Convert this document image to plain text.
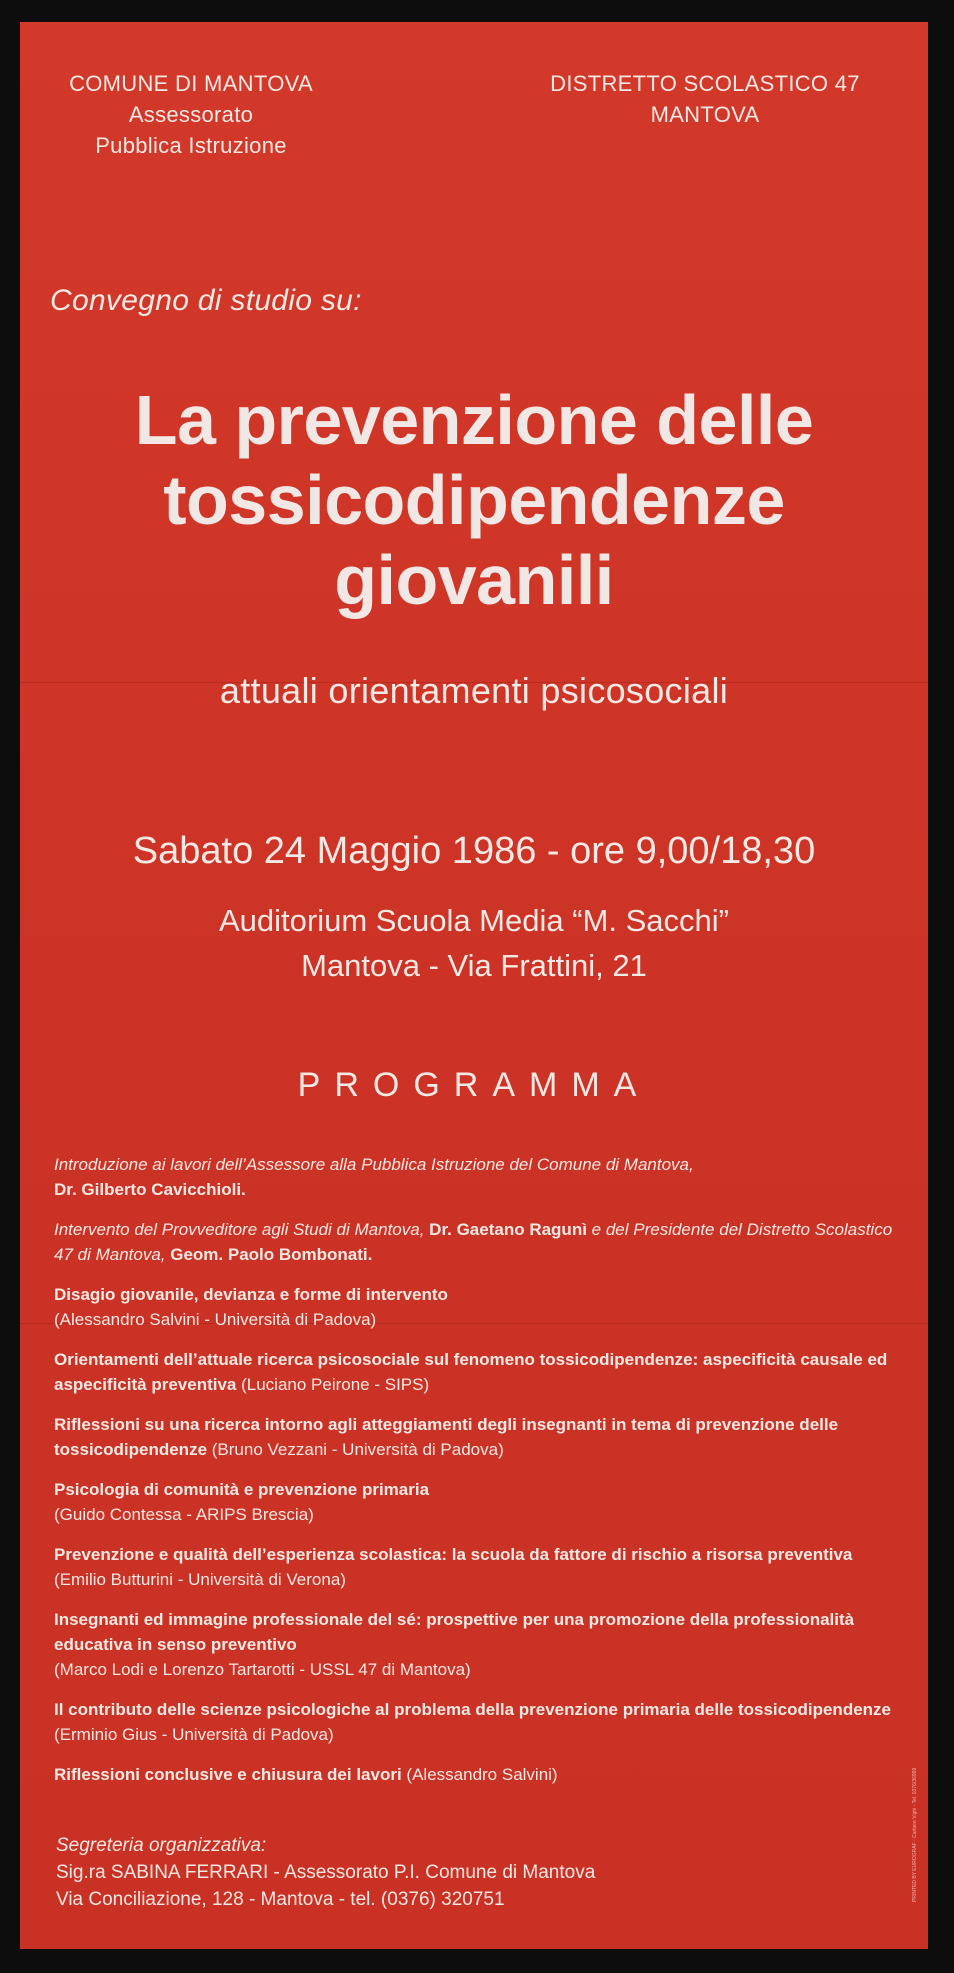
COMUNE DI MANTOVA
Assessorato
Pubblica Istruzione
DISTRETTO SCOLASTICO 47
MANTOVA
Convegno di studio su:
La prevenzione delle
tossicodipendenze
giovanili
attuali orientamenti psicosociali
Sabato 24 Maggio 1986 - ore 9,00/18,30
Auditorium Scuola Media “M. Sacchi”
Mantova - Via Frattini, 21
PROGRAMMA
Introduzione ai lavori dell’Assessore alla Pubblica Istruzione del Comune di Mantova,
Dr. Gilberto Cavicchioli.
Intervento del Provveditore agli Studi di Mantova, Dr. Gaetano Ragunì e del Presidente del Distretto Scolastico 47 di Mantova, Geom. Paolo Bombonati.
Disagio giovanile, devianza e forme di intervento
(Alessandro Salvini - Università di Padova)
Orientamenti dell’attuale ricerca psicosociale sul fenomeno tossicodipendenze: aspecificità causale ed aspecificità preventiva (Luciano Peirone - SIPS)
Riflessioni su una ricerca intorno agli atteggiamenti degli insegnanti in tema di prevenzione delle tossicodipendenze (Bruno Vezzani - Università di Padova)
Psicologia di comunità e prevenzione primaria
(Guido Contessa - ARIPS Brescia)
Prevenzione e qualità dell’esperienza scolastica: la scuola da fattore di rischio a risorsa preventiva (Emilio Butturini - Università di Verona)
Insegnanti ed immagine professionale del sé: prospettive per una promozione della professionalità educativa in senso preventivo
(Marco Lodi e Lorenzo Tartarotti - USSL 47 di Mantova)
Il contributo delle scienze psicologiche al problema della prevenzione primaria delle tossicodipendenze (Erminio Gius - Università di Padova)
Riflessioni conclusive e chiusura dei lavori (Alessandro Salvini)
Segreteria organizzativa:
Sig.ra SABINA FERRARI - Assessorato P.I. Comune di Mantova
Via Conciliazione, 128 - Mantova - tel. (0376) 320751	PRINTED BY EUROGRAF - Cartiere Vighi - Tel. 0376/36999
